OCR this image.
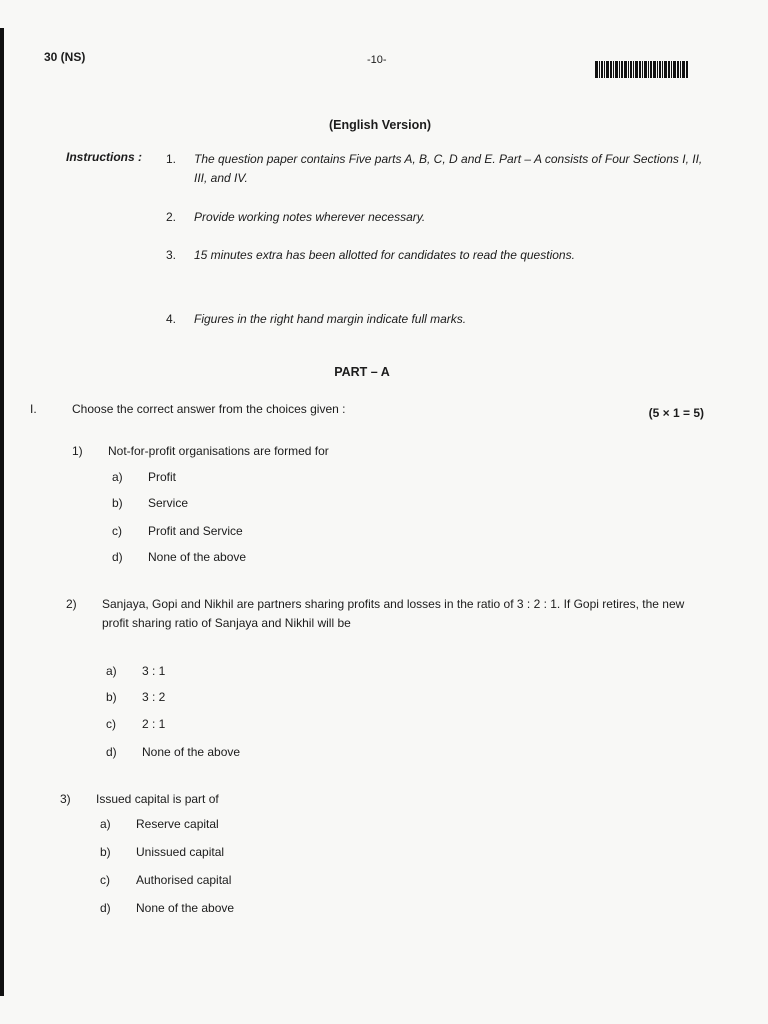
30 (NS)	-10-
(English Version)
Instructions : 1. The question paper contains Five parts A, B, C, D and E. Part – A consists of Four Sections I, II, III, and IV.
2. Provide working notes wherever necessary.
3. 15 minutes extra has been allotted for candidates to read the questions.
4. Figures in the right hand margin indicate full marks.
PART – A
I.	Choose the correct answer from the choices given :	(5 × 1 = 5)
1) Not-for-profit organisations are formed for
a) Profit
b) Service
c) Profit and Service
d) None of the above
2) Sanjaya, Gopi and Nikhil are partners sharing profits and losses in the ratio of 3 : 2 : 1. If Gopi retires, the new profit sharing ratio of Sanjaya and Nikhil will be
a) 3 : 1
b) 3 : 2
c) 2 : 1
d) None of the above
3) Issued capital is part of
a) Reserve capital
b) Unissued capital
c) Authorised capital
d) None of the above
